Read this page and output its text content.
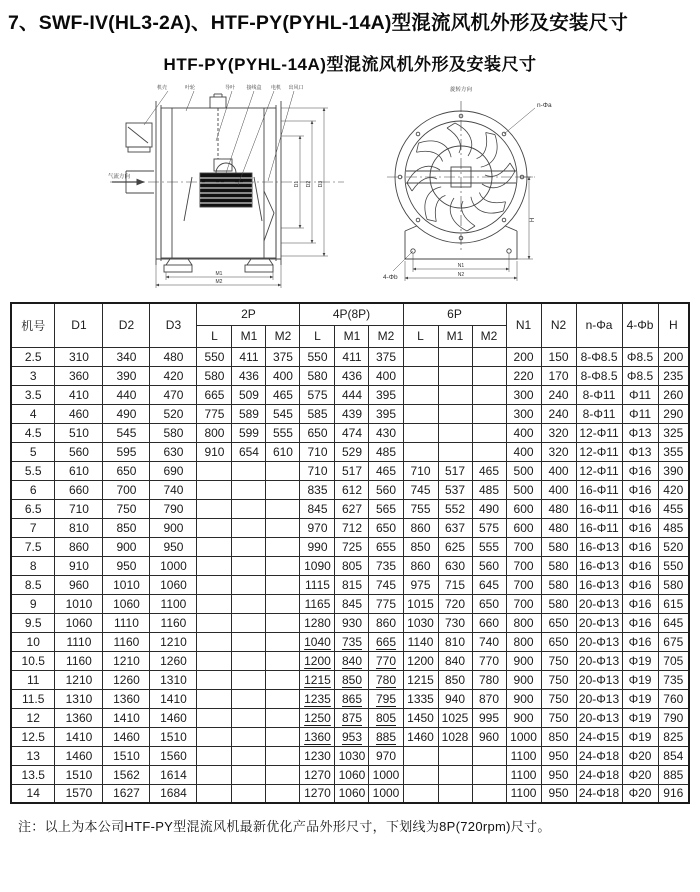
7、SWF-IV(HL3-2A)、HTF-PY(PYHL-14A)型混流风机外形及安装尺寸
HTF-PY(PYHL-14A)型混流风机外形及安装尺寸
机壳	叶轮	导叶 接线盒 电机 出风口
气流方向
D1 D2 D3
M1
M2
旋转方向
n-Φa
4-Φb
H
N1
N2
机号	D1	D2	D3	2P			4P(8P)			6P			N1	N2	n-Φa	4-Φb	H
				L	M1	M2	L	M1	M2	L	M1	M2					
2.5	310	340	480	550	411	375	550	411	375				200	150	8-Φ8.5	Φ8.5	200
3	360	390	420	580	436	400	580	436	400				220	170	8-Φ8.5	Φ8.5	235
3.5	410	440	470	665	509	465	575	444	395				300	240	8-Φ11	Φ11	260
4	460	490	520	775	589	545	585	439	395				300	240	8-Φ11	Φ11	290
4.5	510	545	580	800	599	555	650	474	430				400	320	12-Φ11	Φ13	325
5	560	595	630	910	654	610	710	529	485				400	320	12-Φ11	Φ13	355
5.5	610	650	690				710	517	465	710	517	465	500	400	12-Φ11	Φ16	390
6	660	700	740				835	612	560	745	537	485	500	400	16-Φ11	Φ16	420
6.5	710	750	790				845	627	565	755	552	490	600	480	16-Φ11	Φ16	455
7	810	850	900				970	712	650	860	637	575	600	480	16-Φ11	Φ16	485
7.5	860	900	950				990	725	655	850	625	555	700	580	16-Φ13	Φ16	520
8	910	950	1000				1090	805	735	860	630	560	700	580	16-Φ13	Φ16	550
8.5	960	1010	1060				1115	815	745	975	715	645	700	580	16-Φ13	Φ16	580
9	1010	1060	1100				1165	845	775	1015	720	650	700	580	20-Φ13	Φ16	615
9.5	1060	1110	1160				1280	930	860	1030	730	660	800	650	20-Φ13	Φ16	645
10	1110	1160	1210				1040	735	665	1140	810	740	800	650	20-Φ13	Φ16	675
10.5	1160	1210	1260				1200	840	770	1200	840	770	900	750	20-Φ13	Φ19	705
11	1210	1260	1310				1215	850	780	1215	850	780	900	750	20-Φ13	Φ19	735
11.5	1310	1360	1410				1235	865	795	1335	940	870	900	750	20-Φ13	Φ19	760
12	1360	1410	1460				1250	875	805	1450	1025	995	900	750	20-Φ13	Φ19	790
12.5	1410	1460	1510				1360	953	885	1460	1028	960	1000	850	24-Φ15	Φ19	825
13	1460	1510	1560				1230	1030	970				1100	950	24-Φ18	Φ20	854
13.5	1510	1562	1614				1270	1060	1000				1100	950	24-Φ18	Φ20	885
14	1570	1627	1684				1270	1060	1000				1100	950	24-Φ18	Φ20	916

注：以上为本公司HTF-PY型混流风机最新优化产品外形尺寸，下划线为8P(720rpm)尺寸。
